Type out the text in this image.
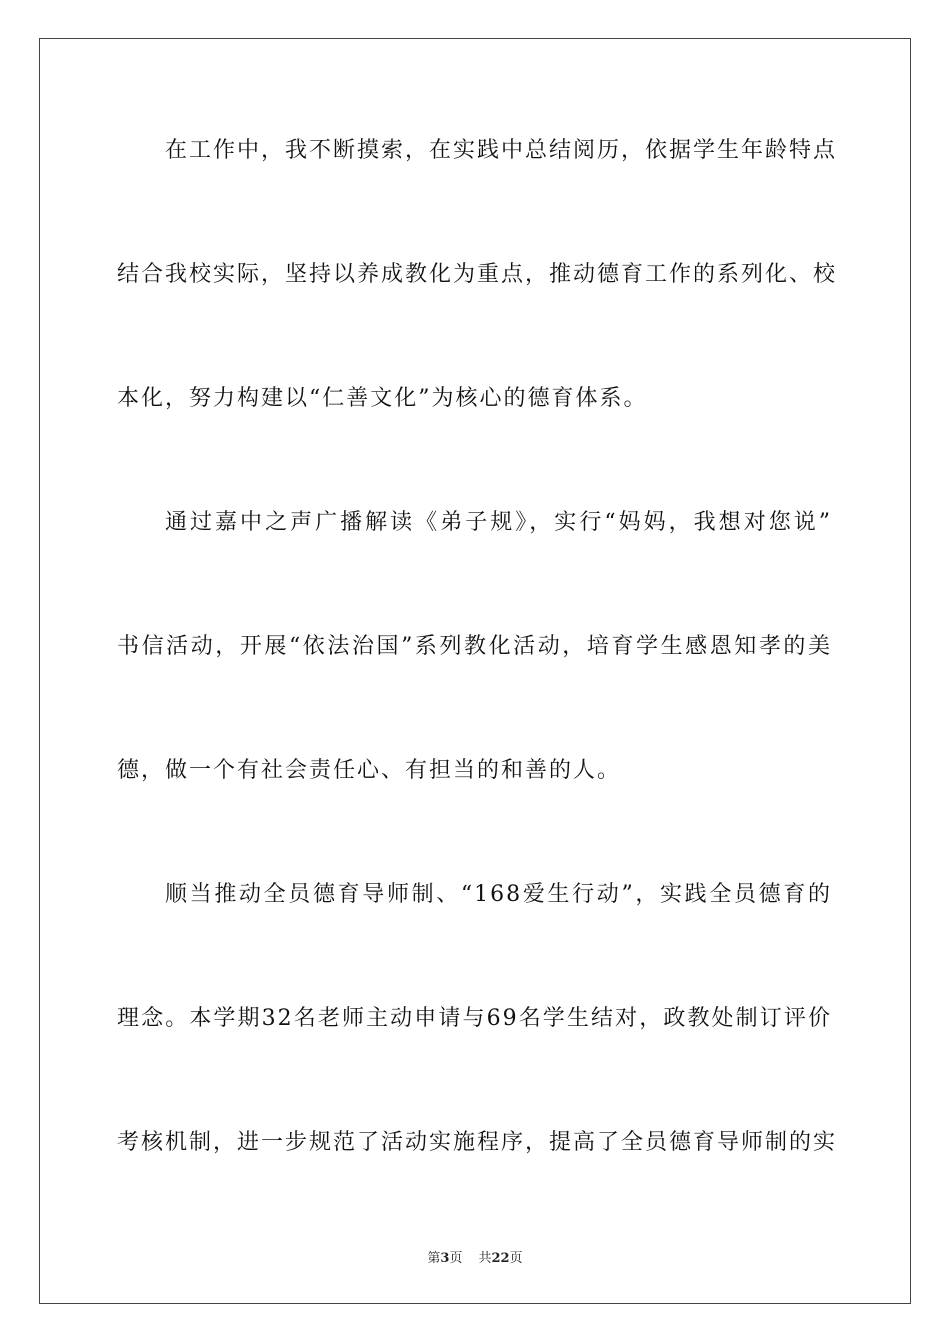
在工作中，我不断摸索，在实践中总结阅历，依据学生年龄特点

结合我校实际，坚持以养成教化为重点，推动德育工作的系列化、校

本化，努力构建以“仁善文化”为核心的德育体系。

通过嘉中之声广播解读《弟子规》，实行“妈妈，我想对您说”

书信活动，开展“依法治国”系列教化活动，培育学生感恩知孝的美

德，做一个有社会责任心、有担当的和善的人。

顺当推动全员德育导师制、“168爱生行动”，实践全员德育的

理念。本学期32名老师主动申请与69名学生结对，政教处制订评价

考核机制，进一步规范了活动实施程序，提高了全员德育导师制的实

第3页 共22页
